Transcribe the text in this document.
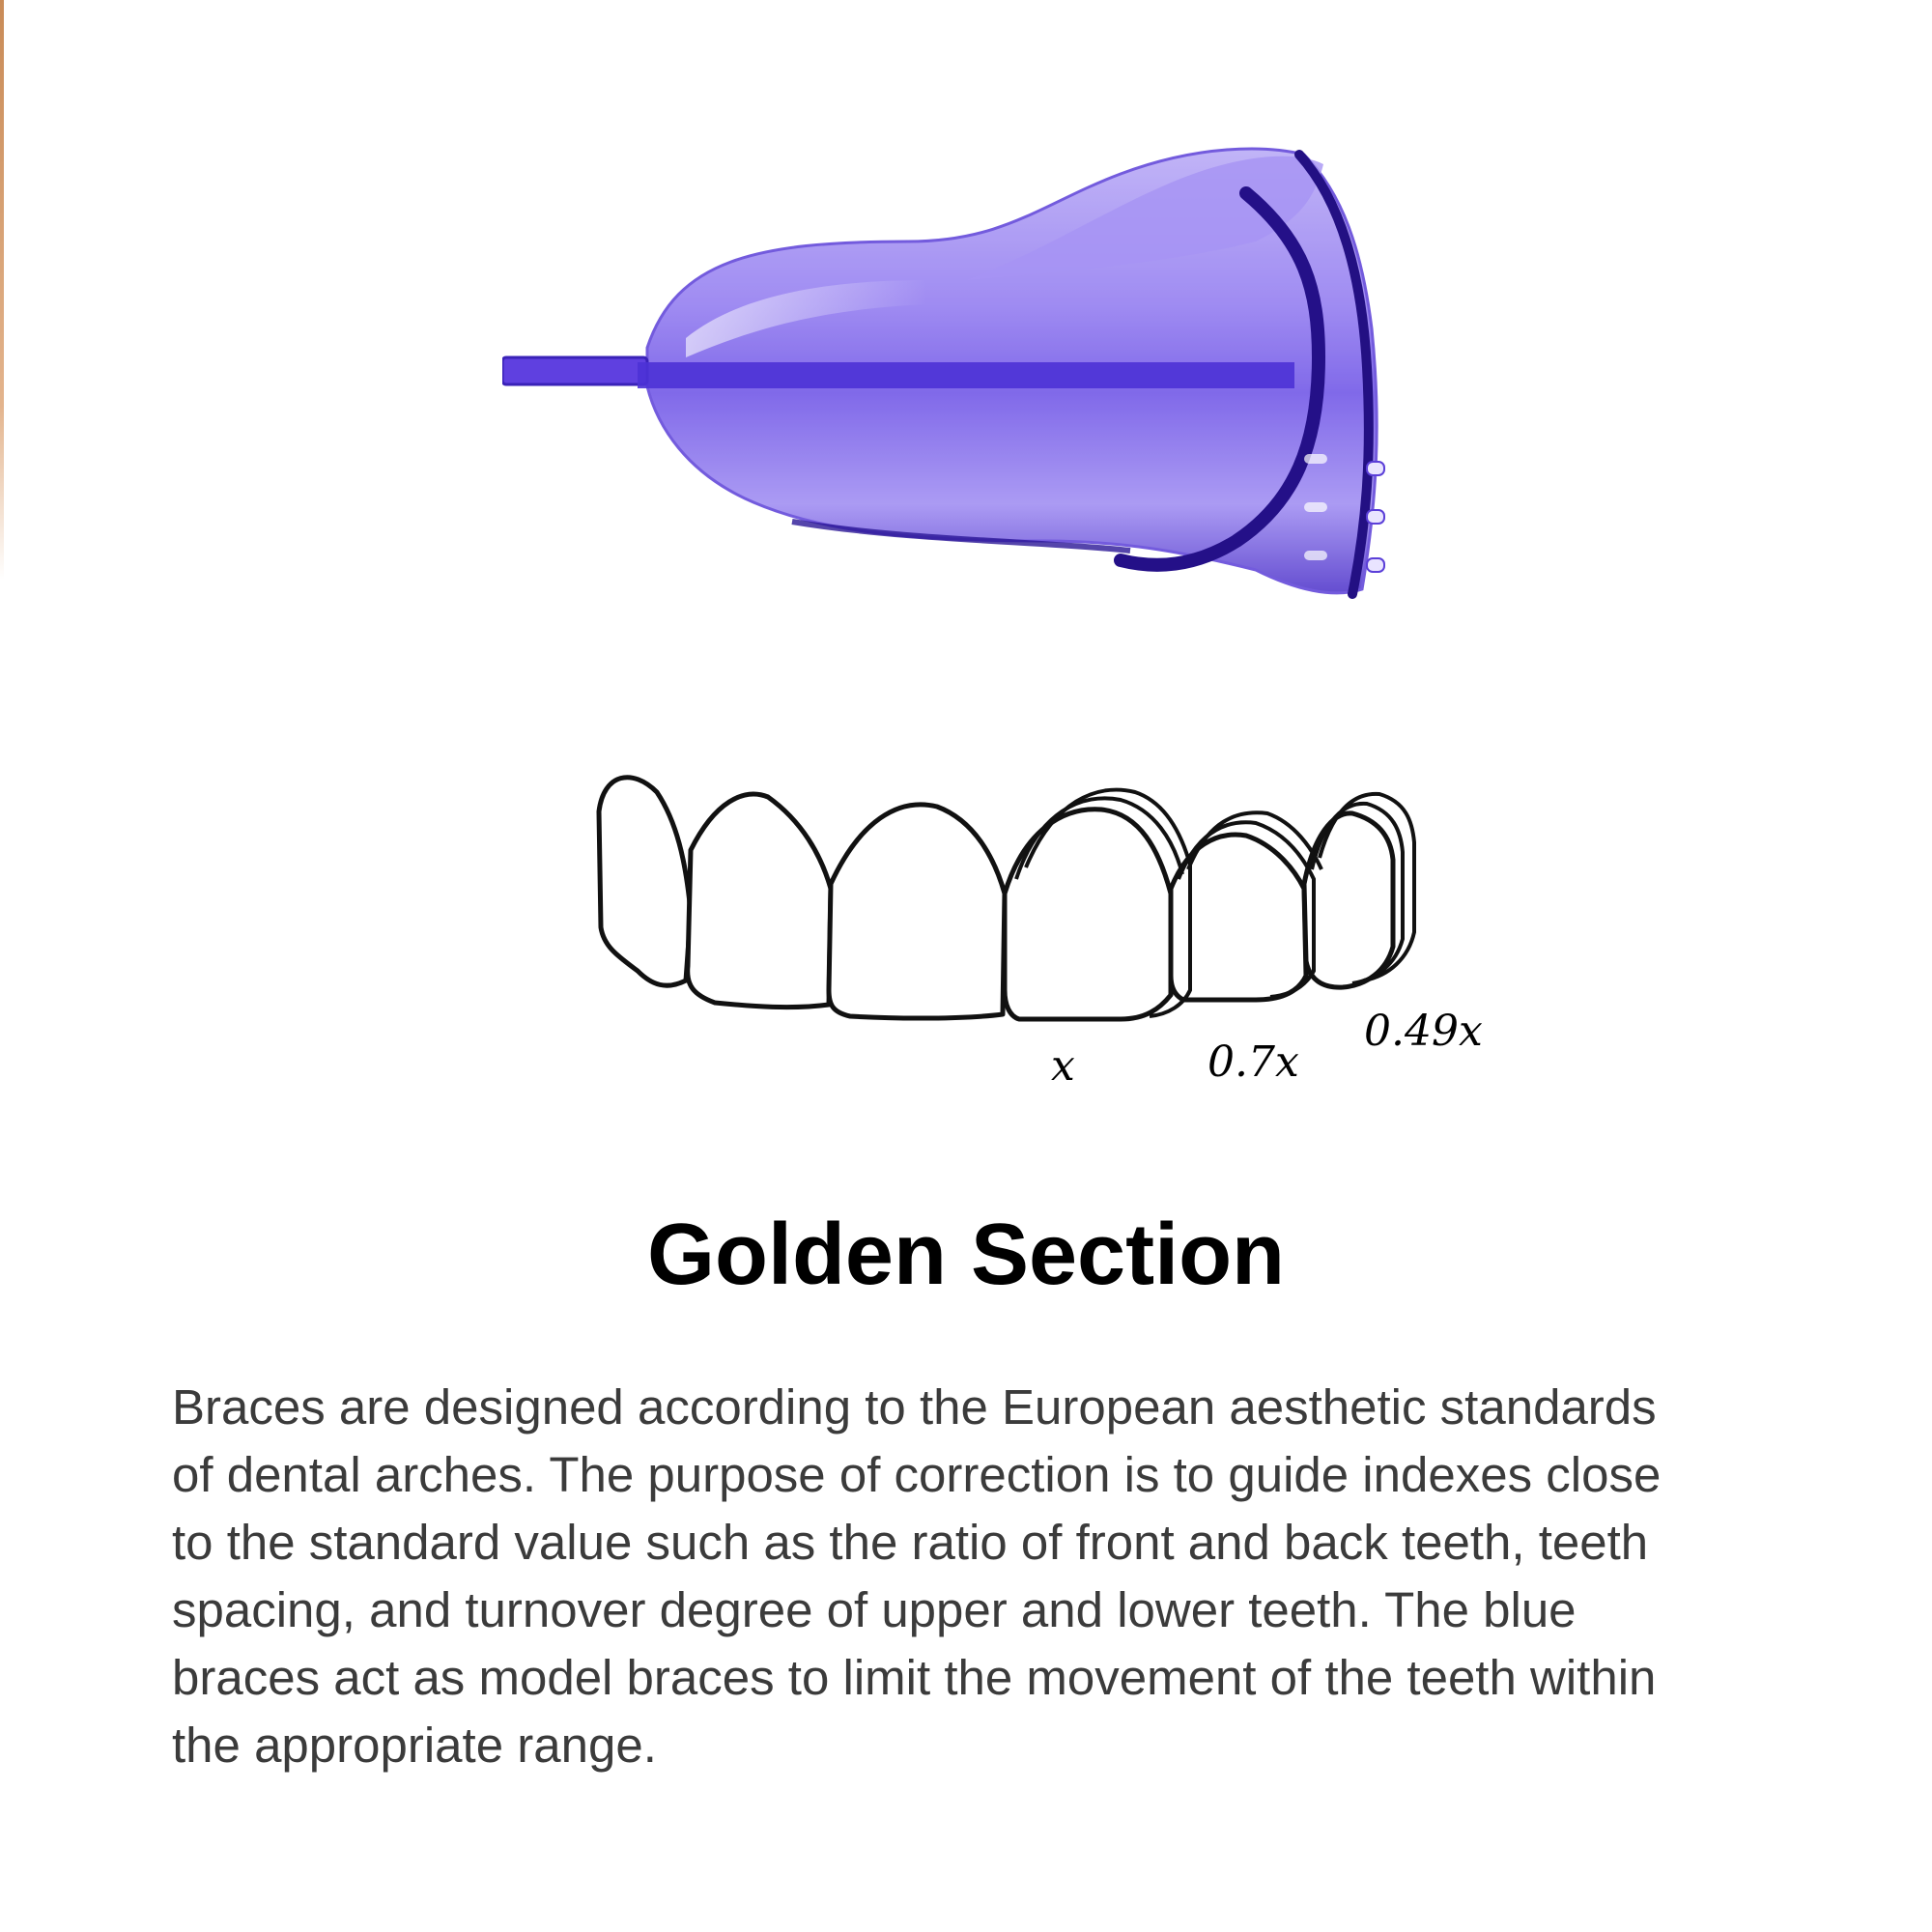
x	0.7x
0.49x
Golden Section
Braces are designed according to the European aesthetic standards
of dental arches. The purpose of correction is to guide indexes close
to the standard value such as the ratio of front and back teeth, teeth
spacing, and turnover degree of upper and lower teeth. The blue
braces act as model braces to limit the movement of the teeth within
the appropriate range.
